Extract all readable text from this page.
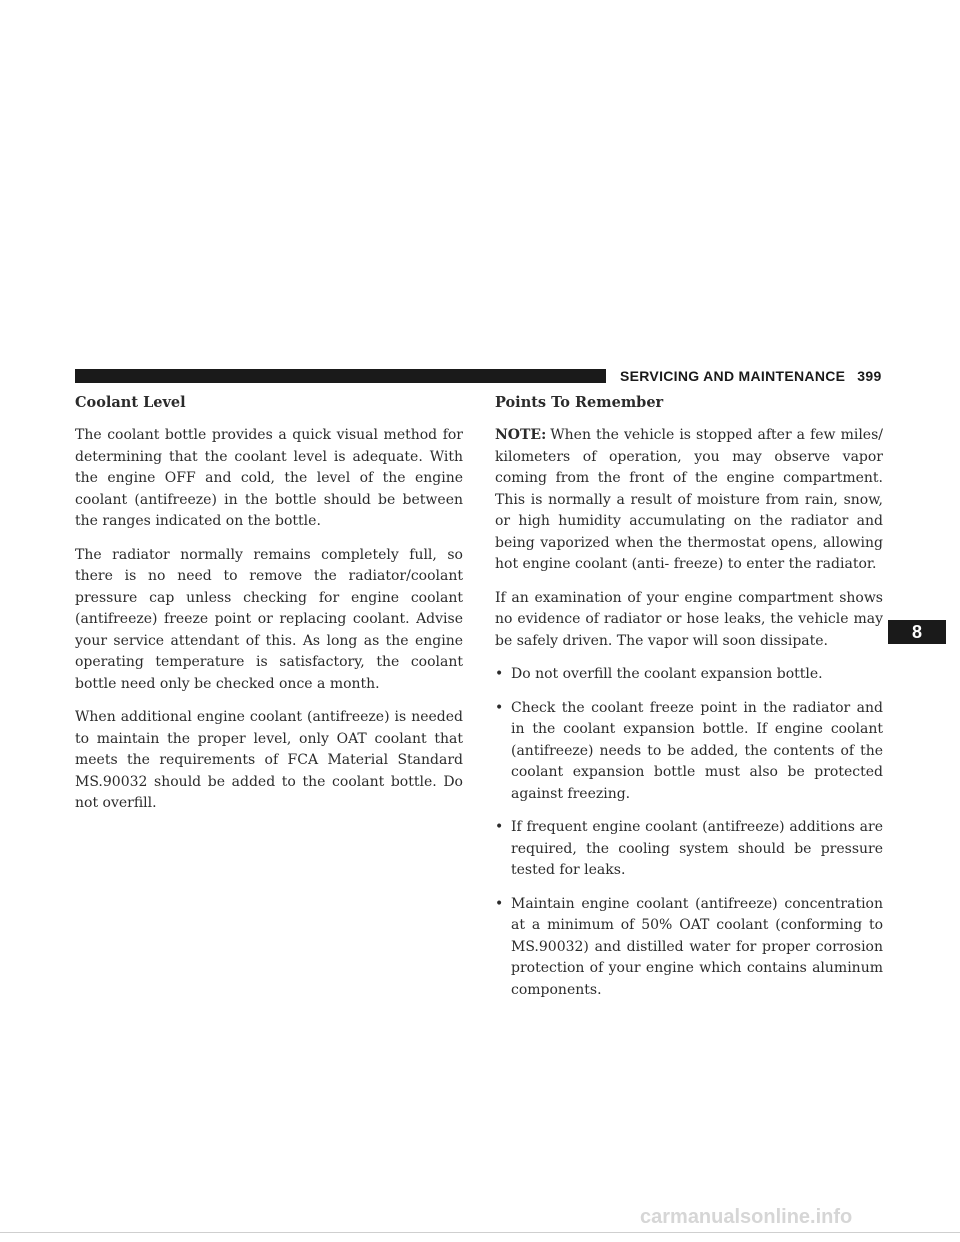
SERVICING AND MAINTENANCE 399
Coolant Level

The coolant bottle provides a quick visual method for determining that the coolant level is adequate. With the engine OFF and cold, the level of the engine coolant (antifreeze) in the bottle should be between the ranges indicated on the bottle.

The radiator normally remains completely full, so there is no need to remove the radiator/coolant pressure cap unless checking for engine coolant (antifreeze) freeze point or replacing coolant. Advise your service attendant of this. As long as the engine operating temperature is satisfactory, the coolant bottle need only be checked once a month.

When additional engine coolant (antifreeze) is needed to maintain the proper level, only OAT coolant that meets the requirements of FCA Material Standard MS.90032 should be added to the coolant bottle. Do not overfill.

Points To Remember

NOTE: When the vehicle is stopped after a few miles/ kilometers of operation, you may observe vapor coming from the front of the engine compartment. This is normally a result of moisture from rain, snow, or high humidity accumulating on the radiator and being vaporized when the thermostat opens, allowing hot engine coolant (anti- freeze) to enter the radiator.

If an examination of your engine compartment shows no evidence of radiator or hose leaks, the vehicle may be safely driven. The vapor will soon dissipate.

• Do not overfill the coolant expansion bottle.
• Check the coolant freeze point in the radiator and in the coolant expansion bottle. If engine coolant (antifreeze) needs to be added, the contents of the coolant expansion bottle must also be protected against freezing.
• If frequent engine coolant (antifreeze) additions are required, the cooling system should be pressure tested for leaks.
• Maintain engine coolant (antifreeze) concentration at a minimum of 50% OAT coolant (conforming to MS.90032) and distilled water for proper corrosion protection of your engine which contains aluminum components.
8
carmanualsonline.info
